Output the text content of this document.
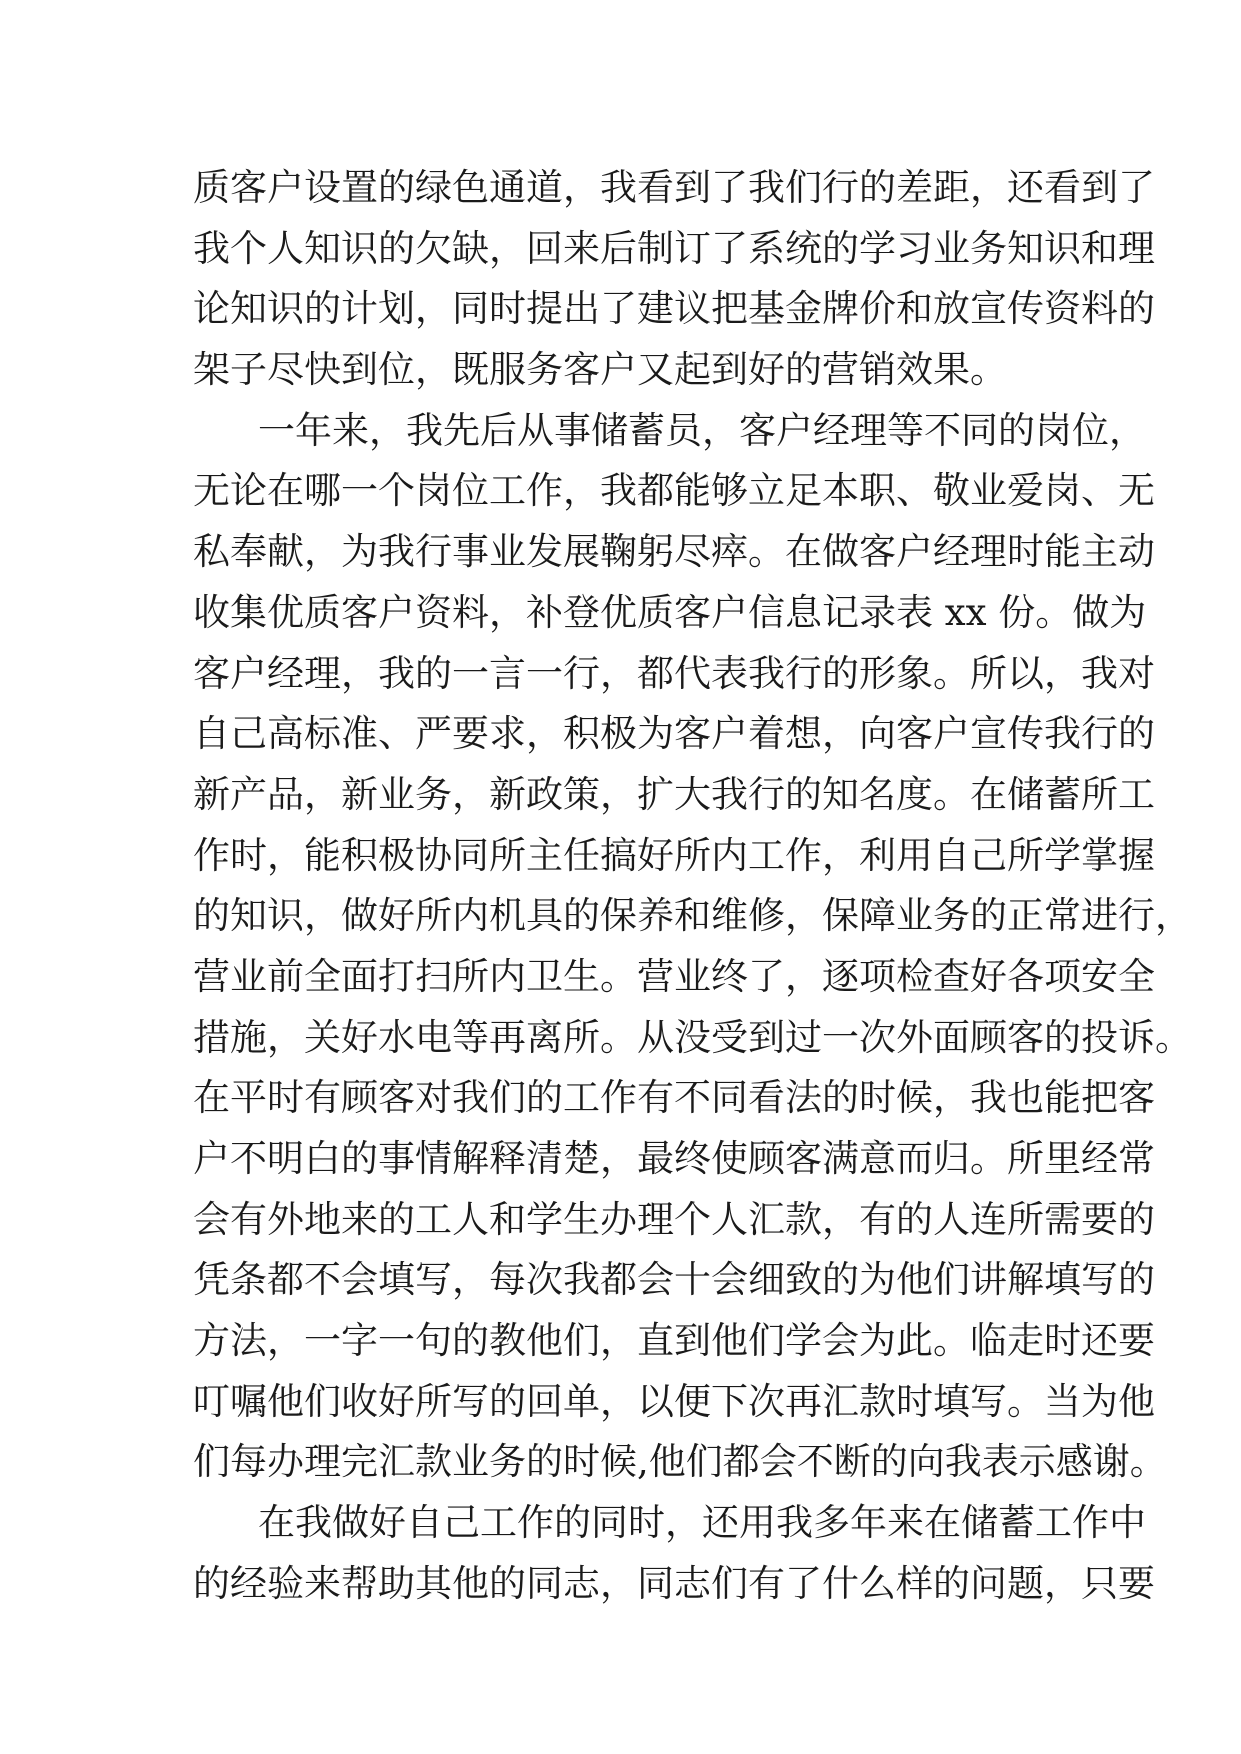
质客户设置的绿色通道，我看到了我们行的差距，还看到了
我个人知识的欠缺，回来后制订了系统的学习业务知识和理
论知识的计划，同时提出了建议把基金牌价和放宣传资料的
架子尽快到位，既服务客户又起到好的营销效果。
一年来，我先后从事储蓄员，客户经理等不同的岗位，
无论在哪一个岗位工作，我都能够立足本职、敬业爱岗、无
私奉献，为我行事业发展鞠躬尽瘁。在做客户经理时能主动
收集优质客户资料，补登优质客户信息记录表 xx 份。做为
客户经理，我的一言一行，都代表我行的形象。所以，我对
自己高标准、严要求，积极为客户着想，向客户宣传我行的
新产品，新业务，新政策，扩大我行的知名度。在储蓄所工
作时，能积极协同所主任搞好所内工作，利用自己所学掌握
的知识，做好所内机具的保养和维修，保障业务的正常进行，
营业前全面打扫所内卫生。营业终了，逐项检查好各项安全
措施，关好水电等再离所。从没受到过一次外面顾客的投诉。
在平时有顾客对我们的工作有不同看法的时候，我也能把客
户不明白的事情解释清楚，最终使顾客满意而归。所里经常
会有外地来的工人和学生办理个人汇款，有的人连所需要的
凭条都不会填写，每次我都会十会细致的为他们讲解填写的
方法，一字一句的教他们，直到他们学会为此。临走时还要
叮嘱他们收好所写的回单，以便下次再汇款时填写。当为他
们每办理完汇款业务的时候,他们都会不断的向我表示感谢。
在我做好自己工作的同时，还用我多年来在储蓄工作中
的经验来帮助其他的同志，同志们有了什么样的问题，只要
